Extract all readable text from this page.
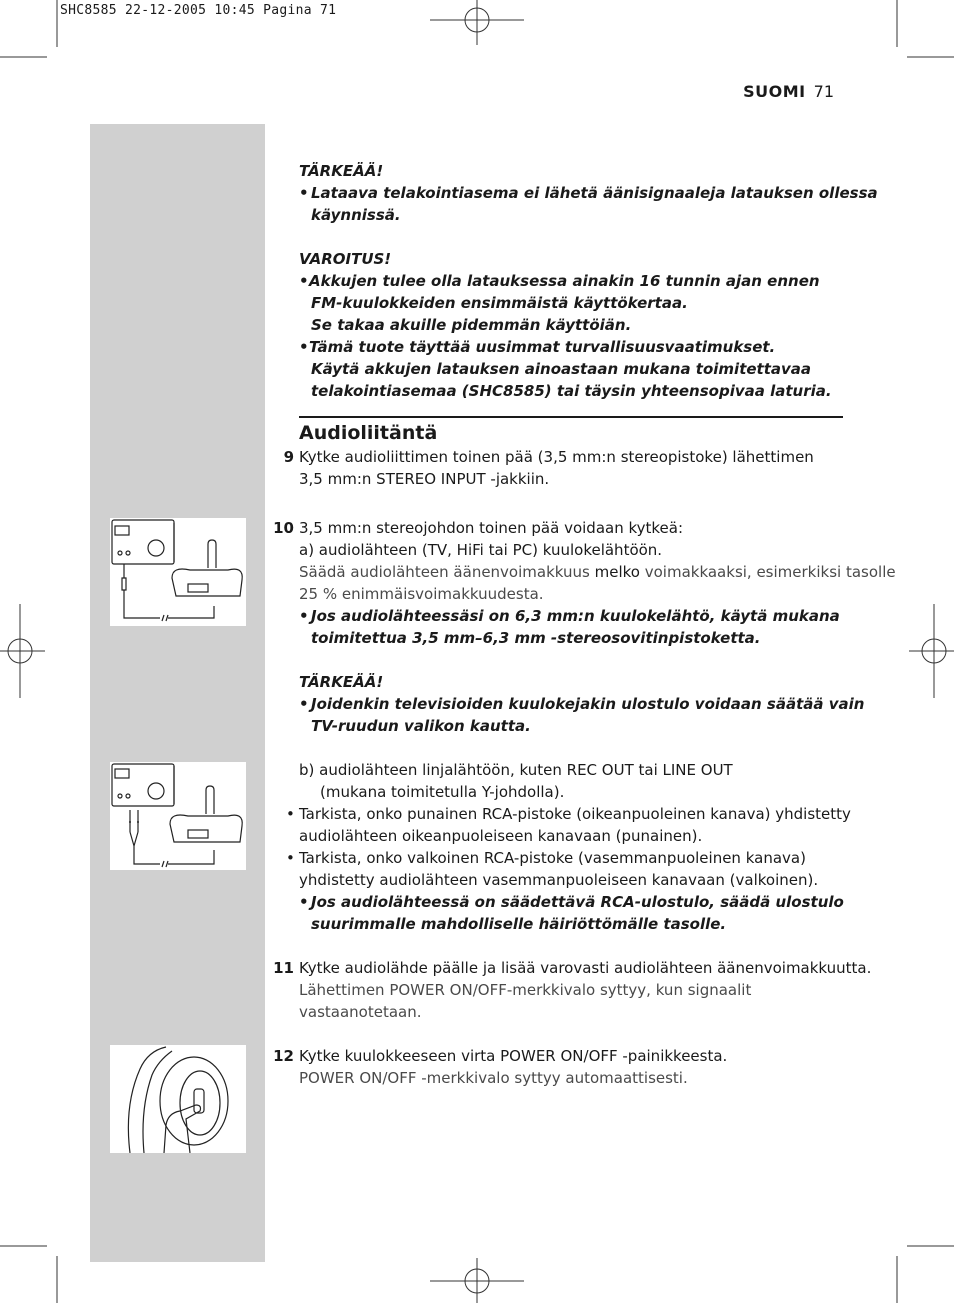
SHC8585 22-12-2005 10:45 Pagina 71
SUOMI 71
TÄRKEÄÄ!
• Lataava telakointiasema ei lähetä äänisignaaleja latauksen ollessa
käynnissä.
VAROITUS!
• Akkujen tulee olla latauksessa ainakin 16 tunnin ajan ennen
FM-kuulokkeiden ensimmäistä käyttökertaa.
Se takaa akuille pidemmän käyttöiän.
• Tämä tuote täyttää uusimmat turvallisuusvaatimukset.
Käytä akkujen latauksen ainoastaan mukana toimitettavaa
telakointiasemaa (SHC8585) tai täysin yhteensopivaa laturia.
Audioliitäntä
9 Kytke audioliittimen toinen pää (3,5 mm:n stereopistoke) lähettimen
3,5 mm:n STEREO INPUT -jakkiin.
10 3,5 mm:n stereojohdon toinen pää voidaan kytkeä:
a) audiolähteen (TV, HiFi tai PC) kuulokelähtöön.
Säädä audiolähteen äänenvoimakkuus melko voimakkaaksi, esimerkiksi tasolle
25 % enimmäisvoimakkuudesta.
• Jos audiolähteessäsi on 6,3 mm:n kuulokelähtö, käytä mukana
toimitettua 3,5 mm–6,3 mm -stereosovitinpistoketta.
TÄRKEÄÄ!
• Joidenkin televisioiden kuulokejakin ulostulo voidaan säätää vain
TV-ruudun valikon kautta.
b) audiolähteen linjalähtöön, kuten REC OUT tai LINE OUT
(mukana toimitetulla Y-johdolla).
• Tarkista, onko punainen RCA-pistoke (oikeanpuoleinen kanava) yhdistetty
audiolähteen oikeanpuoleiseen kanavaan (punainen).
• Tarkista, onko valkoinen RCA-pistoke (vasemmanpuoleinen kanava)
yhdistetty audiolähteen vasemmanpuoleiseen kanavaan (valkoinen).
• Jos audiolähteessä on säädettävä RCA-ulostulo, säädä ulostulo
suurimmalle mahdolliselle häiriöttömälle tasolle.
11 Kytke audiolähde päälle ja lisää varovasti audiolähteen äänenvoimakkuutta.
Lähettimen POWER ON/OFF-merkkivalo syttyy, kun signaalit
vastaanotetaan.
12 Kytke kuulokkeeseen virta POWER ON/OFF -painikkeesta.
POWER ON/OFF -merkkivalo syttyy automaattisesti.
